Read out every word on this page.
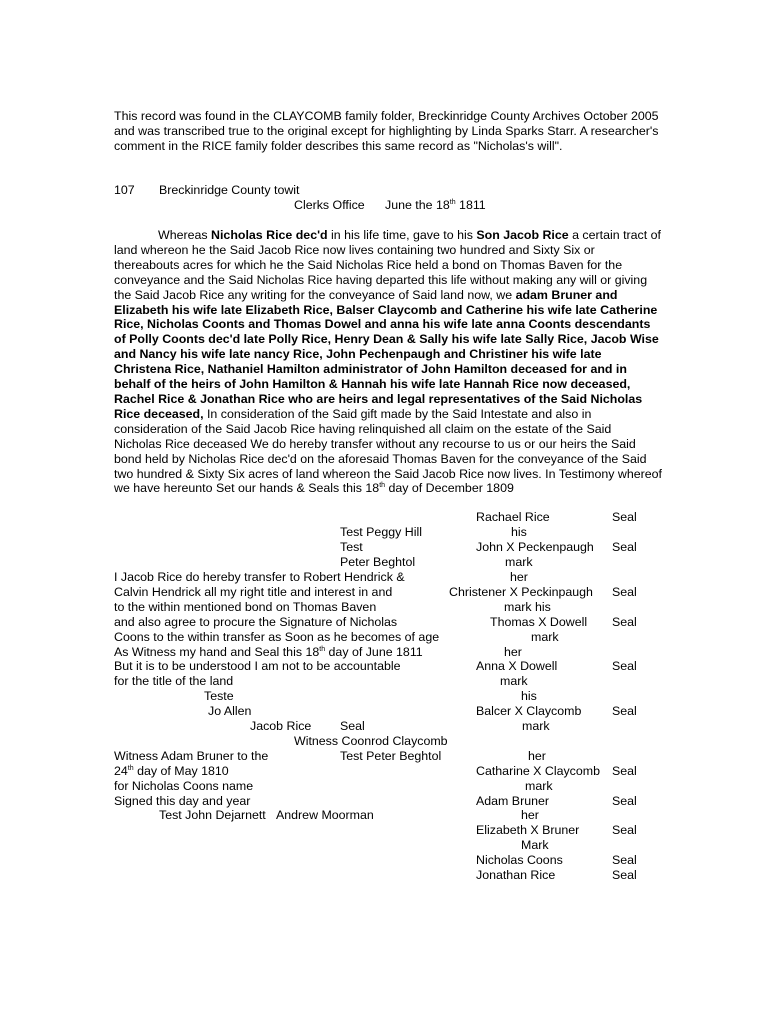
This record was found in the CLAYCOMB family folder, Breckinridge County Archives October 2005 and was transcribed true to the original except for highlighting by Linda Sparks Starr. A researcher's comment in the RICE family folder describes this same record as "Nicholas's will".
107 Breckinridge County towit
Clerks Office June the 18th 1811
Whereas Nicholas Rice dec'd in his life time, gave to his Son Jacob Rice a certain tract of land whereon he the Said Jacob Rice now lives containing two hundred and Sixty Six or thereabouts acres for which he the Said Nicholas Rice held a bond on Thomas Baven for the conveyance and the Said Nicholas Rice having departed this life without making any will or giving the Said Jacob Rice any writing for the conveyance of Said land now, we adam Bruner and Elizabeth his wife late Elizabeth Rice, Balser Claycomb and Catherine his wife late Catherine Rice, Nicholas Coonts and Thomas Dowel and anna his wife late anna Coonts descendants of Polly Coonts dec'd late Polly Rice, Henry Dean & Sally his wife late Sally Rice, Jacob Wise and Nancy his wife late nancy Rice, John Pechenpaugh and Christiner his wife late Christena Rice, Nathaniel Hamilton administrator of John Hamilton deceased for and in behalf of the heirs of John Hamilton & Hannah his wife late Hannah Rice now deceased, Rachel Rice & Jonathan Rice who are heirs and legal representatives of the Said Nicholas Rice deceased, In consideration of the Said gift made by the Said Intestate and also in consideration of the Said Jacob Rice having relinquished all claim on the estate of the Said Nicholas Rice deceased We do hereby transfer without any recourse to us or our heirs the Said bond held by Nicholas Rice dec'd on the aforesaid Thomas Baven for the conveyance of the Said two hundred & Sixty Six acres of land whereon the Said Jacob Rice now lives. In Testimony whereof we have hereunto Set our hands & Seals this 18th day of December 1809
Test Peggy Hill
Test
Peter Beghtol
I Jacob Rice do hereby transfer to Robert Hendrick &
Calvin Hendrick all my right title and interest in and
to the within mentioned bond on Thomas Baven
and also agree to procure the Signature of Nicholas
Coons to the within transfer as Soon as he becomes of age
As Witness my hand and Seal this 18th day of June 1811
But it is to be understood I am not to be accountable
for the title of the land
Teste
Jo Allen
Jacob Rice Seal
Witness Coonrod Claycomb
Witness Adam Bruner to the	Test Peter Beghtol
24th day of May 1810
for Nicholas Coons name
Signed this day and year
Test John Dejarnett Andrew Moorman
Rachael Rice	Seal
his
John X Peckenpaugh Seal
mark
her
Christener X Peckinpaugh Seal
mark his
Thomas X Dowell Seal
mark
her
Anna X Dowell	Seal
mark
his
Balcer X Claycomb Seal
mark
her
Catharine X Claycomb Seal
mark
Adam Bruner	Seal
her
Elizabeth X Bruner	Seal
Mark
Nicholas Coons	Seal
Jonathan Rice	Seal
